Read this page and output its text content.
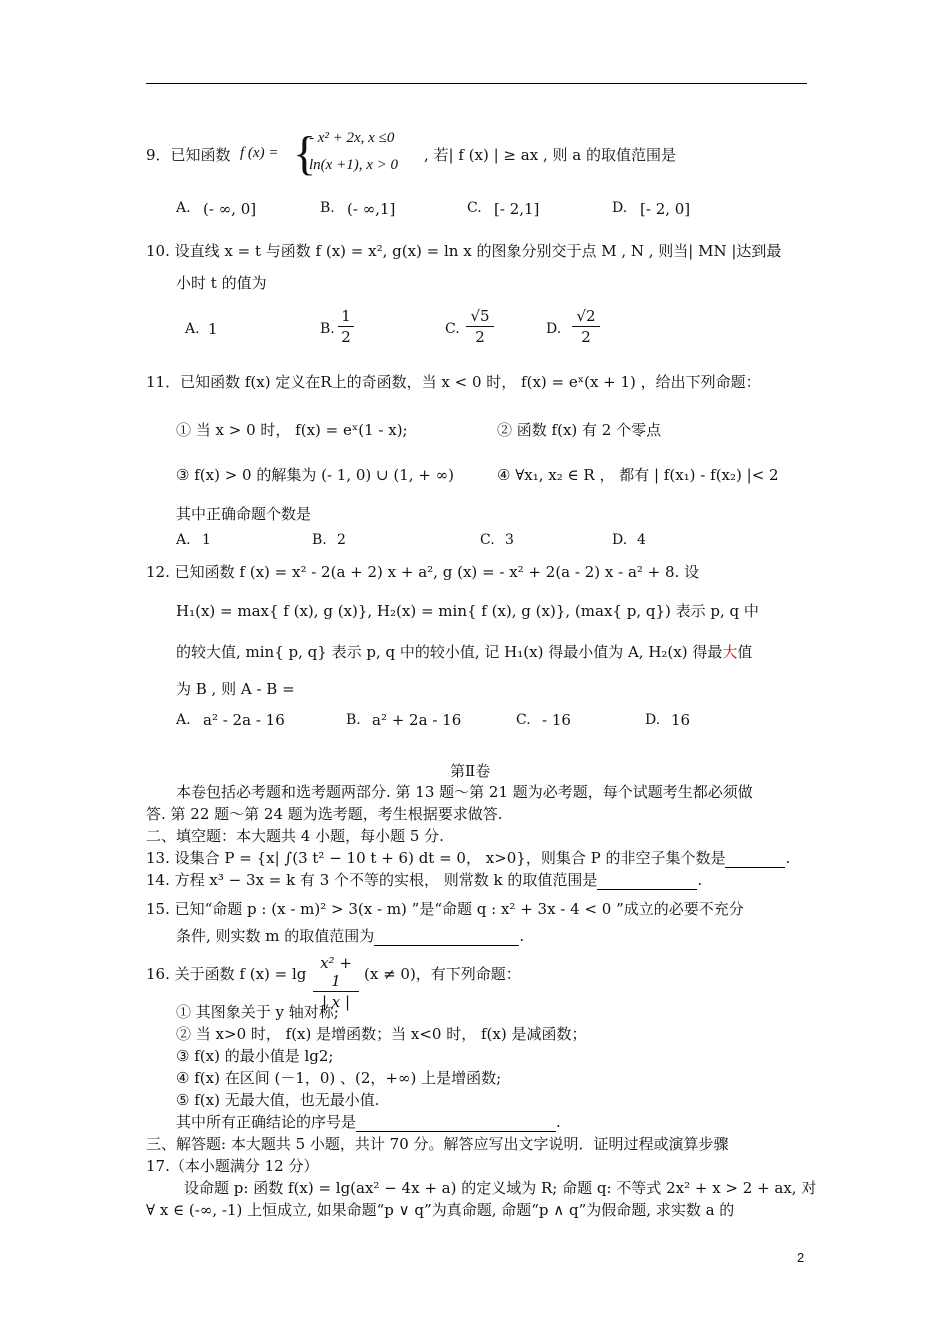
9．已知函数 f (x) = {
- x² + 2x, x ≤0
ln(x +1), x > 0
, 若| f (x) | ≥ ax , 则 a 的取值范围是
A. (- ∞, 0]	B. (- ∞,1]	C. [- 2,1]	D. [- 2, 0]
10. 设直线 x = t 与函数 f (x) = x², g(x) = ln x 的图象分别交于点 M , N , 则当| MN |达到最
小时 t 的值为
A. 1	B.
1
2	C.
√5
2	D.
√2
2
11．已知函数 f(x) 定义在R上的奇函数，当 x < 0 时， f(x) = eˣ(x + 1) ，给出下列命题：
① 当 x > 0 时， f(x) = eˣ(1 - x);	② 函数 f(x) 有 2 个零点
③ f(x) > 0 的解集为 (- 1, 0) ∪ (1, + ∞)	④ ∀x₁, x₂ ∈ R ， 都有 | f(x₁) - f(x₂) |< 2
其中正确命题个数是
A. 1	B. 2	C. 3	D. 4
12. 已知函数 f (x) = x² - 2(a + 2) x + a², g (x) = - x² + 2(a - 2) x - a² + 8. 设
H₁(x) = max{ f (x), g (x)}, H₂(x) = min{ f (x), g (x)}, (max{ p, q}) 表示 p, q 中
的较大值, min{ p, q} 表示 p, q 中的较小值, 记 H₁(x) 得最小值为 A, H₂(x) 得最大值
为 B , 则 A - B =
A. a² - 2a - 16	B. a² + 2a - 16	C. - 16	D. 16
第Ⅱ卷
本卷包括必考题和选考题两部分. 第 13 题～第 21 题为必考题，每个试题考生都必须做
答. 第 22 题～第 24 题为选考题，考生根据要求做答.
二、填空题：本大题共 4 小题，每小题 5 分.
13. 设集合 P = {x| ∫(3 t² − 10 t + 6) dt = 0， x>0}，则集合 P 的非空子集个数是	.
14. 方程 x³ − 3x = k 有 3 个不等的实根， 则常数 k 的取值范围是	.
15. 已知“命题 p : (x - m)² > 3(x - m) ”是“命题 q : x² + 3x - 4 < 0 ”成立的必要不充分
条件, 则实数 m 的取值范围为	.
16. 关于函数 f (x) = lg
x² + 1
| x |
(x ≠ 0)，有下列命题：
① 其图象关于 y 轴对称;
② 当 x>0 时， f(x) 是增函数；当 x<0 时， f(x) 是减函数；
③ f(x) 的最小值是 lg2;
④ f(x) 在区间 (－1，0) 、(2，+∞) 上是增函数;
⑤ f(x) 无最大值，也无最小值.
其中所有正确结论的序号是	.
三、解答题: 本大题共 5 小题，共计 70 分。解答应写出文字说明．证明过程或演算步骤
17.（本小题满分 12 分）
设命题 p: 函数 f(x) = lg(ax² − 4x + a) 的定义域为 R; 命题 q: 不等式 2x² + x > 2 + ax, 对
∀ x ∈ (-∞, -1) 上恒成立, 如果命题“p ∨ q”为真命题, 命题“p ∧ q”为假命题, 求实数 a 的
2
